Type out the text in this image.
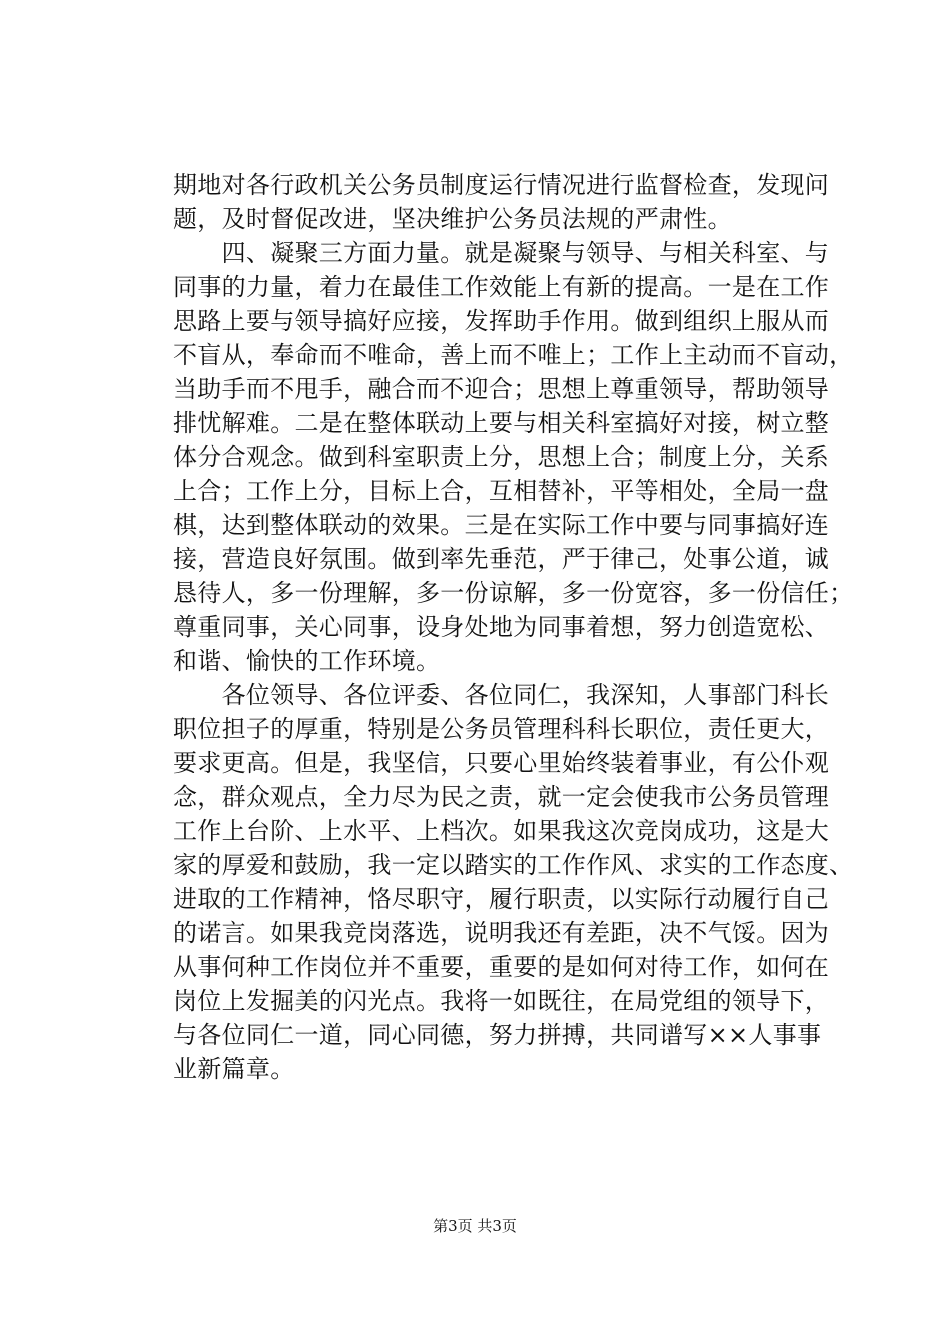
期地对各行政机关公务员制度运行情况进行监督检查，发现问
题，及时督促改进，坚决维护公务员法规的严肃性。
　　四、凝聚三方面力量。就是凝聚与领导、与相关科室、与
同事的力量，着力在最佳工作效能上有新的提高。一是在工作
思路上要与领导搞好应接，发挥助手作用。做到组织上服从而
不盲从，奉命而不唯命，善上而不唯上；工作上主动而不盲动，
当助手而不甩手，融合而不迎合；思想上尊重领导，帮助领导
排忧解难。二是在整体联动上要与相关科室搞好对接，树立整
体分合观念。做到科室职责上分，思想上合；制度上分，关系
上合；工作上分，目标上合，互相替补，平等相处，全局一盘
棋，达到整体联动的效果。三是在实际工作中要与同事搞好连
接，营造良好氛围。做到率先垂范，严于律己，处事公道，诚
恳待人，多一份理解，多一份谅解，多一份宽容，多一份信任；
尊重同事，关心同事，设身处地为同事着想，努力创造宽松、
和谐、愉快的工作环境。
　　各位领导、各位评委、各位同仁，我深知，人事部门科长
职位担子的厚重，特别是公务员管理科科长职位，责任更大，
要求更高。但是，我坚信，只要心里始终装着事业，有公仆观
念，群众观点，全力尽为民之责，就一定会使我市公务员管理
工作上台阶、上水平、上档次。如果我这次竞岗成功，这是大
家的厚爱和鼓励，我一定以踏实的工作作风、求实的工作态度、
进取的工作精神，恪尽职守，履行职责，以实际行动履行自己
的诺言。如果我竞岗落选，说明我还有差距，决不气馁。因为
从事何种工作岗位并不重要，重要的是如何对待工作，如何在
岗位上发掘美的闪光点。我将一如既往，在局党组的领导下，
与各位同仁一道，同心同德，努力拼搏，共同谱写××人事事
业新篇章。
第3页 共3页
